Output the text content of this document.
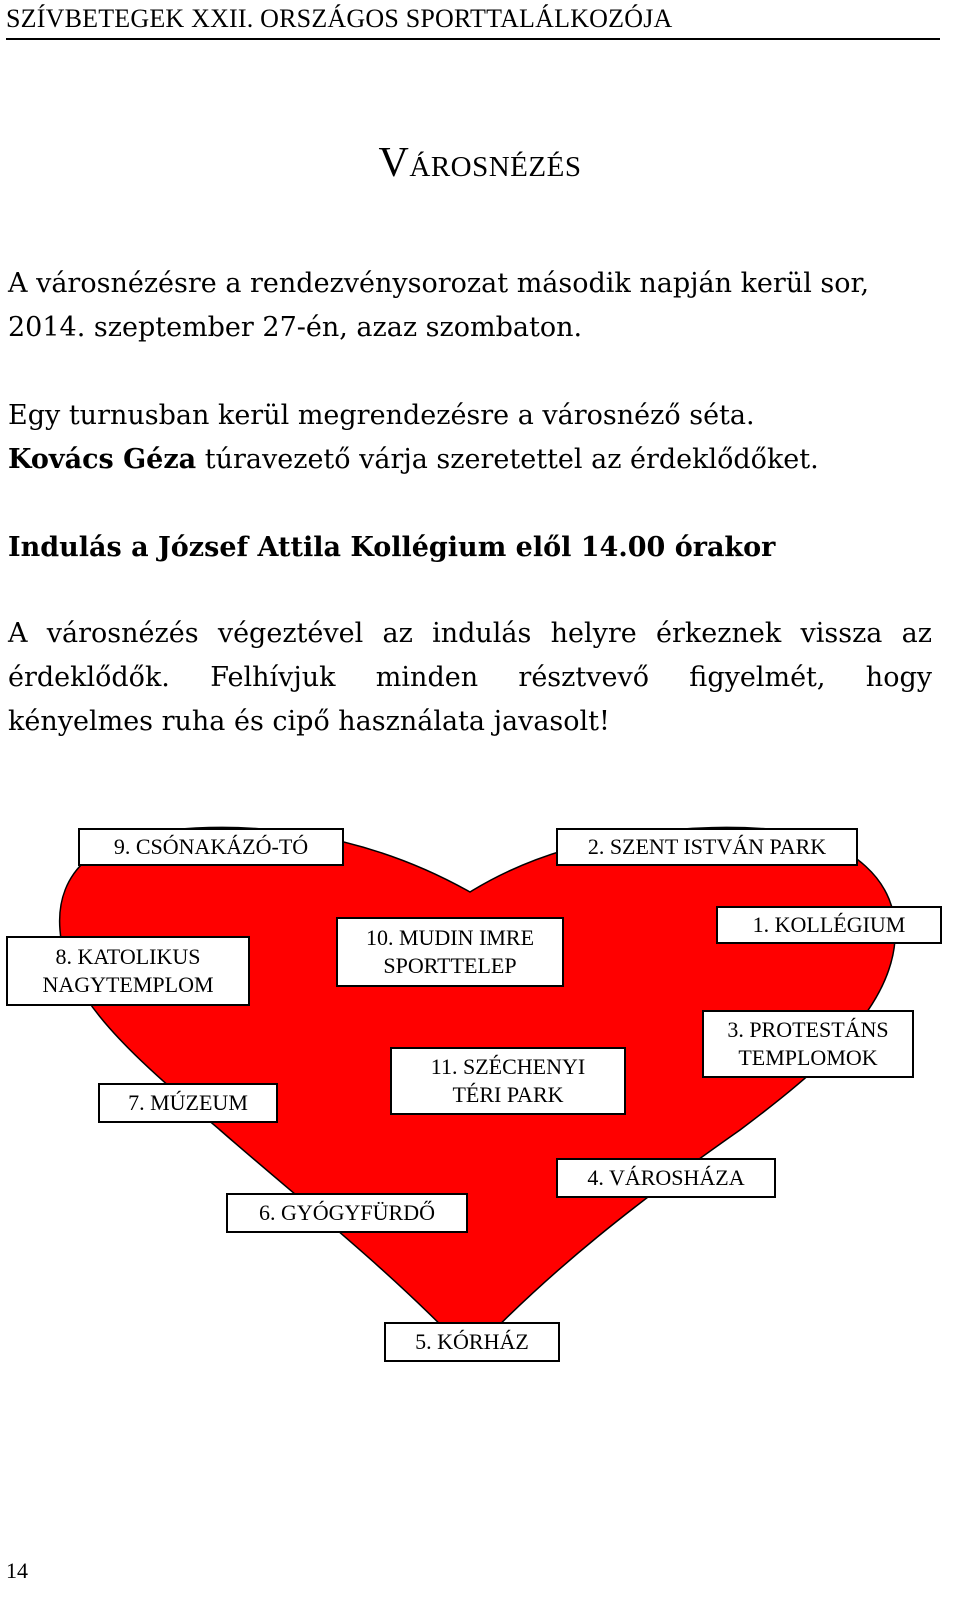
SZÍVBETEGEK XXII. ORSZÁGOS SPORTTALÁLKOZÓJA
Városnézés

A városnézésre a rendezvénysorozat második napján kerül sor,
2014. szeptember 27-én, azaz szombaton.

Egy turnusban kerül megrendezésre a városnéző séta.
Kovács Géza túravezető várja szeretettel az érdeklődőket.

Indulás a József Attila Kollégium elől 14.00 órakor

A városnézés végeztével az indulás helyre érkeznek vissza az
érdeklődők. Felhívjuk minden résztvevő figyelmét, hogy
kényelmes ruha és cipő használata javasolt!

9. CSÓNAKÁZÓ-TÓ	2. SZENT ISTVÁN PARK
1. KOLLÉGIUM
8. KATOLIKUS
NAGYTEMPLOM
10. MUDIN IMRE
SPORTTELEP
3. PROTESTÁNS
TEMPLOMOK
11. SZÉCHENYI
TÉRI PARK
7. MÚZEUM
4. VÁROSHÁZA
6. GYÓGYFÜRDŐ
5. KÓRHÁZ
14
